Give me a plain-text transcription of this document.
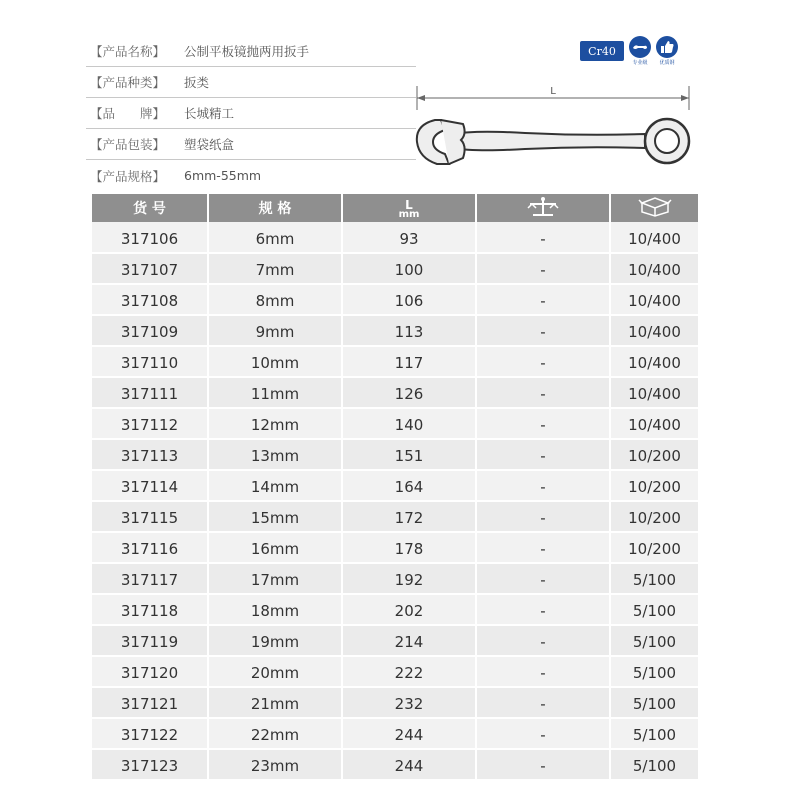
【产品名称】	公制平板镜抛两用扳手
【产品种类】	扳类
【品　　牌】	长城精工
【产品包装】	塑袋纸盒
【产品规格】	6mm-55mm
Cr40
专业级 优质钢
L
货 号	规 格	L
mm

317106	6mm	93	-	10/400
317107	7mm	100	-	10/400
317108	8mm	106	-	10/400
317109	9mm	113	-	10/400
317110	10mm	117	-	10/400
317111	11mm	126	-	10/400
317112	12mm	140	-	10/400
317113	13mm	151	-	10/200
317114	14mm	164	-	10/200
317115	15mm	172	-	10/200
317116	16mm	178	-	10/200
317117	17mm	192	-	5/100
317118	18mm	202	-	5/100
317119	19mm	214	-	5/100
317120	20mm	222	-	5/100
317121	21mm	232	-	5/100
317122	22mm	244	-	5/100
317123	23mm	244	-	5/100
